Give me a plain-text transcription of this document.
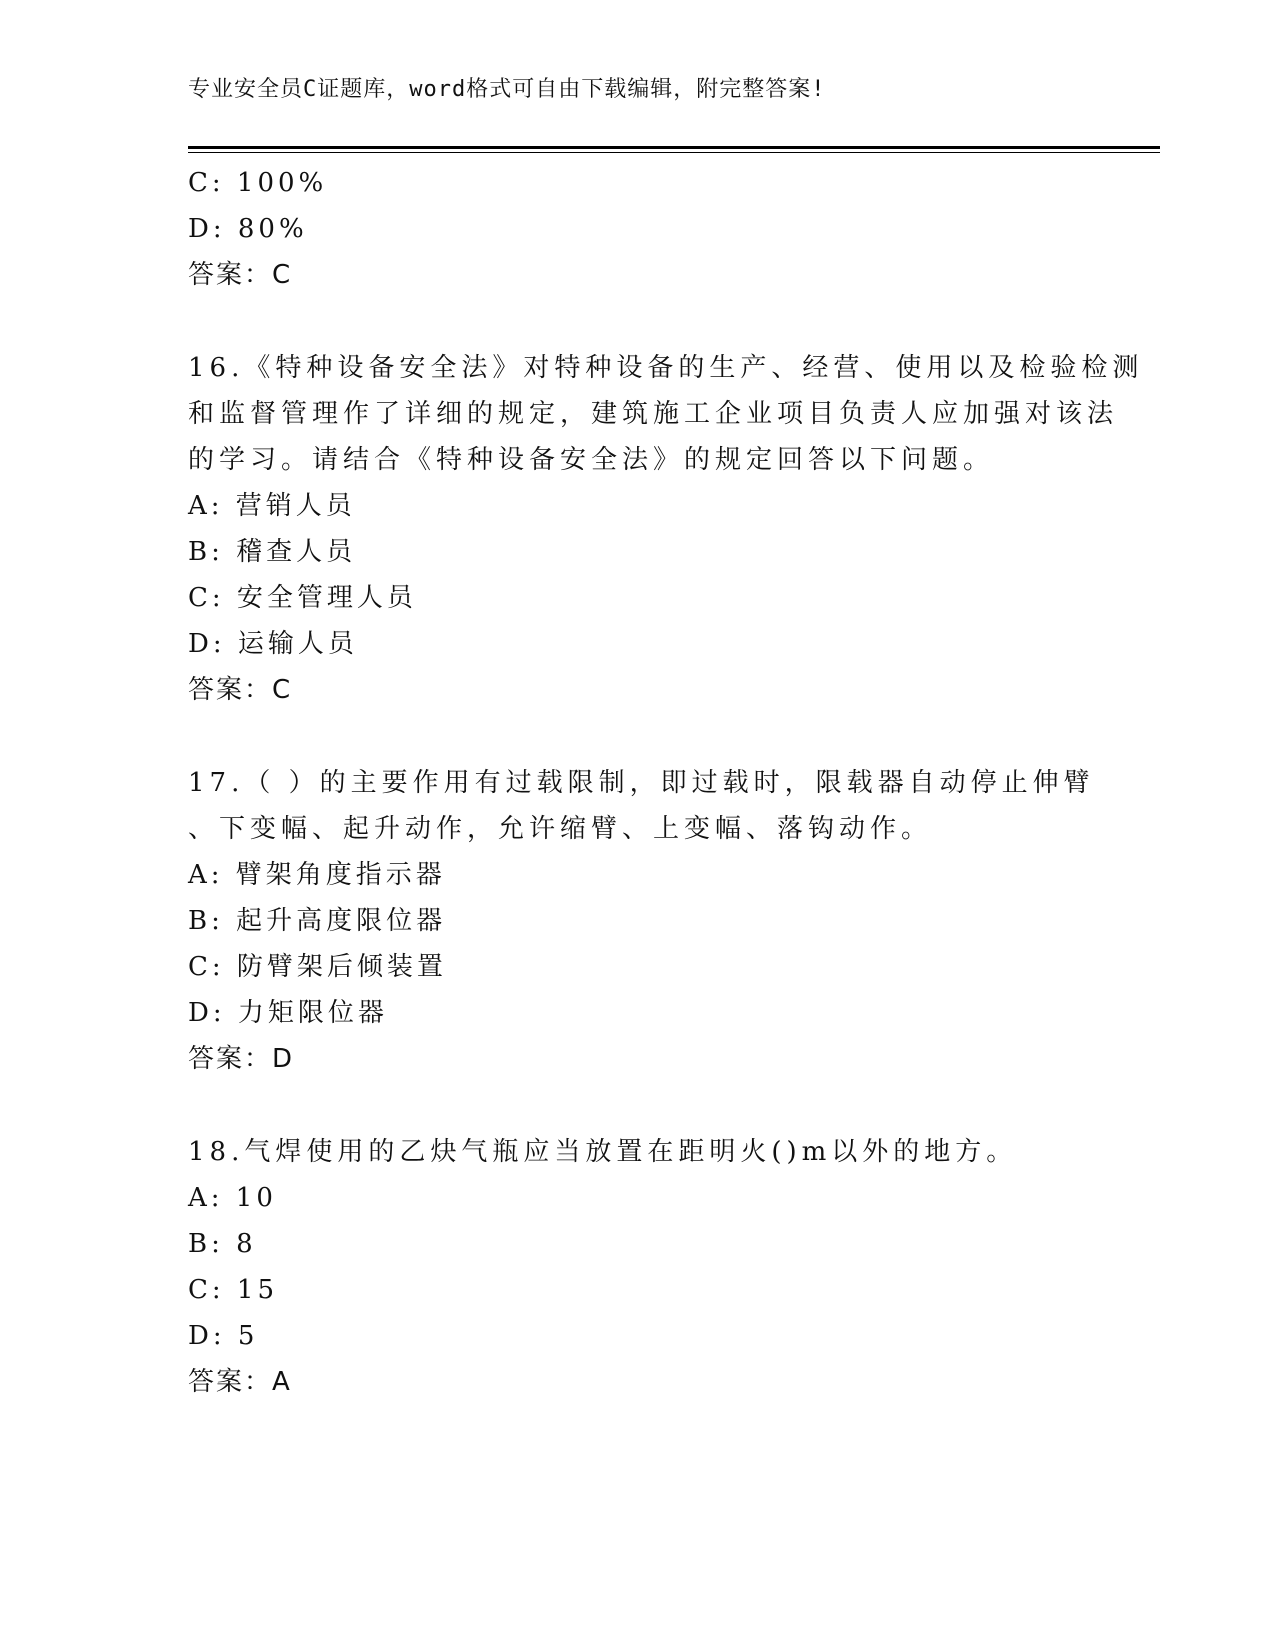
专业安全员C证题库，word格式可自由下载编辑，附完整答案!
C: 100%
D: 80%
答案：C
16.《特种设备安全法》对特种设备的生产、经营、使用以及检验检测
和监督管理作了详细的规定，建筑施工企业项目负责人应加强对该法
的学习。请结合《特种设备安全法》的规定回答以下问题。
A: 营销人员
B: 稽查人员
C: 安全管理人员
D: 运输人员
答案：C
17.（ ）的主要作用有过载限制，即过载时，限载器自动停止伸臂
、下变幅、起升动作，允许缩臂、上变幅、落钩动作。
A: 臂架角度指示器
B: 起升高度限位器
C: 防臂架后倾装置
D: 力矩限位器
答案：D
18.气焊使用的乙炔气瓶应当放置在距明火()m以外的地方。
A: 10
B: 8
C: 15
D: 5
答案：A
